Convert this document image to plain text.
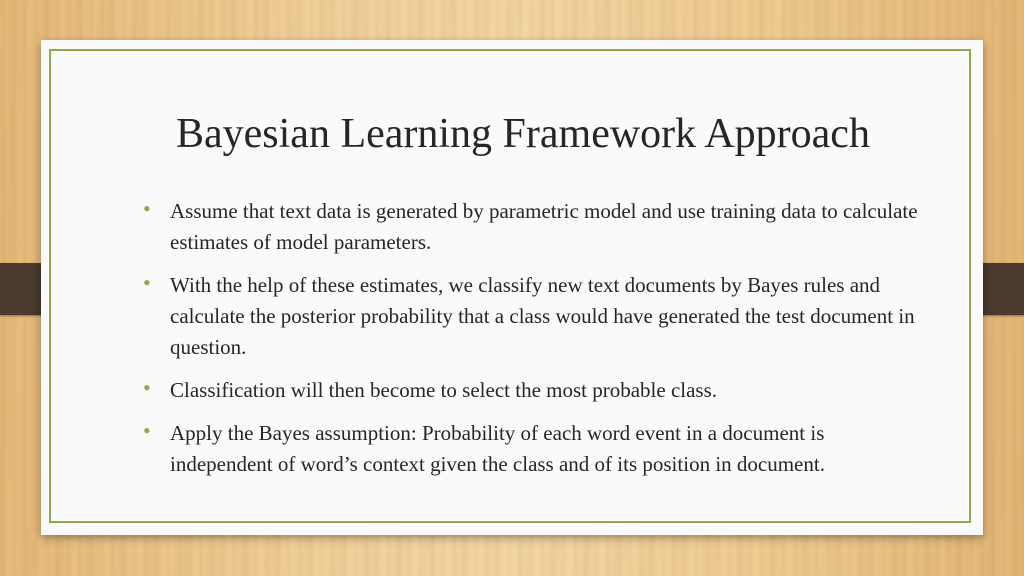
Bayesian Learning Framework Approach
• Assume that text data is generated by parametric model and use training data to calculate estimates of model parameters.
• With the help of these estimates, we classify new text documents by Bayes rules and calculate the posterior probability that a class would have generated the test document in question.
• Classification will then become to select the most probable class.
• Apply the Bayes assumption: Probability of each word event in a document is independent of word’s context given the class and of its position in document.
